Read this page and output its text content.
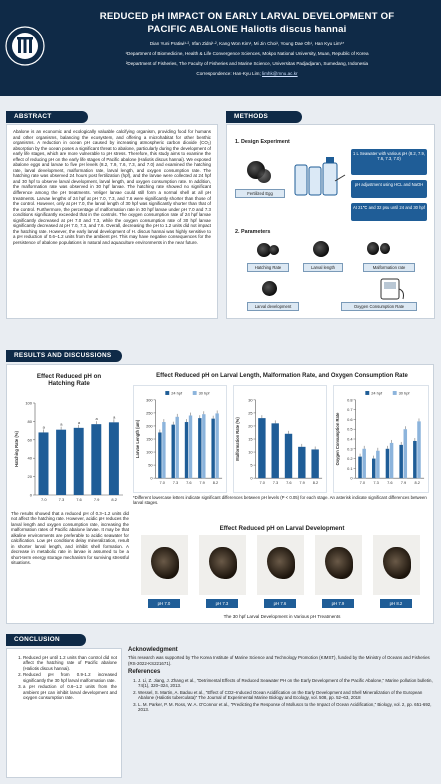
REDUCED pH IMPACT ON EARLY LARVAL DEVELOPMENT OF
PACIFIC ABALONE Haliotis discus hannai
Dian Yuni Pratiwi¹·², Irfan Zidni¹·², Kang Won Kim¹, Mi Jin Choi¹, Young Dae Oh¹, Han Kyu Lim¹*
¹Department of Biomedicine, Health & Life Convergence Sciences, Mokpo National University, Muan, Republic of Korea
²Department of Fisheries, The Faculty of Fisheries and Marine Science, Universitas Padjadjaran, Sumedang, Indonesia
Correspondence: Han-Kyu Lim; limhk@mnu.ac.kr
ABSTRACT
Abalone is an economic and ecologically valuable calcifying organism, providing food for humans and other organisms, balancing the ecosystem, and offering a microhabitat for other benthic organisms. A reduction in ocean pH caused by increasing atmospheric carbon dioxide (CO₂) absorption by the ocean poses a significant threat to abalone, particularly during the development of early life stages, which are more vulnerable to pH stress. Therefore, this study aims to examine the effect of reducing pH on the early life stages of Pacific abalone (Haliotis discus hannai). We exposed abalone eggs and larvae to five pH levels (8.2, 7.9, 7.6, 7.3, and 7.0) and examined the hatching rate, larval development, malformation rate, larval length, and oxygen consumption rate. The hatching rate was observed 24 hours post fertilization (hpf), and the larvae were collected at 24 hpf and 30 hpf to observe larval development, larval length, and oxygen consumption rate. In addition, the malformation rate was observed in 30 hpf larvae. The hatching rate showed no significant difference among the pH treatments. Veliger larvae could still form a normal shell at all pH treatments. Larvae lengths of 24 hpf at pH 7.0, 7.3, and 7.6 were significantly shorter than those of the control. However, only at pH 7.0, the larval length of 30 hpf was significantly shorter than that of the control. Furthermore, the percentage of malformation rate in 30 hpf larvae under pH 7.0 and 7.3 conditions significantly exceeded that in the controls. The oxygen consumption rate of 24 hpf larvae significantly decreased at pH 7.0 and 7.3, while the oxygen consumption rate of 30 hpf larvae significantly decreased at pH 7.0, 7.3, and 7.6. Overall, decreasing the pH to 1.2 units did not impact the hatching rate. However, the early larval development of H. discus hannai was highly sensitive to a pH reduction of 0.6–1.2 units from the ambient pH. This may have negative consequences for the persistence of abalone populations in natural and aquaculture environments in the near future.
METHODS
1. Design Experiment
Fertilized Egg
1 L Seawater with various pH (8.2, 7.9, 7.6, 7.3, 7.0)
pH adjustment using HCL and NaOH
At 21℃ and 32 psu until 24 and 30 hpf
2. Parameters
Hatching Rate	Larval length	Malformation rate
Larval development	Oxygen Consumption Rate
RESULTS AND DISCUSSIONS
Effect Reduced pH on
Hatching Rate
0
20
40
60
80
100
Hatching Rate (%)
7.0
a
7.3
a
7.6
a
7.9
a
8.2
a
The results showed that a reduced pH of 0.3–1.2 units did not affect the hatching rate. However, acidic pH reduces the larval length and oxygen consumption rate, increasing the malformation rates of Pacific abalone larvae. It may be that alkaline environments are preferable to acidic seawater for calcification. Low pH conditions delay mineralization, result in shorter larval length, and inhibit shell formation. A decrease in metabolic rate in larvae is assumed to be a short-term energy storage mechanism for surviving stressful situations.
Effect Reduced pH on Larval Length, Malformation Rate, and Oxygen Consumption Rate
0
50
100
150
200
250
300
Larvae Length (um)
7.0 7.3 7.6 7.9 8.2
24 hpf	30 hpf
0
5
10
15
20
25
30
Malformation Rate (%)
7.0 7.3 7.6 7.9 8.2
0
0.1
0.2
0.3
0.4
0.5
0.6
0.7
0.8
Oxygen Consumption Rate
7.0 7.3 7.6 7.9 8.2
24 hpf	30 hpf
*Different lowercase letters indicate significant differences between pH levels (P < 0.05) for each stage. An asterisk indicate significant differences between larval stages.
Effect Reduced pH on Larval Development
pH 7.0	pH 7.3	pH 7.6	pH 7.9	pH 8.2
The 30 hpf Larval Development in Various pH Treatments
CONCLUSION
1. Reduced pH until 1.2 units than control did not affect the hatching rate of Pacific abalone (Haliotis discus hannai).
2. Reduced pH from 0.9-1.2 increased significantly the 30 hpf larval malformation rate.
3. a pH reduction of 0.6–1.2 units from the ambient pH can inhibit larval development and oxygen consumption rate.
Acknowledgment
This research was supported by The Korea Institute of Marine Science and Technology Promotion (KIMST), funded by the Ministry of Oceans and Fisheries (RS-2022-KS221671).
References
1. J. Li, Z. Jiang, J. Zhang et al., "Detrimental Effects of Reduced Seawater PH on the Early Development of the Pacific Abalone," Marine pollution bulletin, 74(1), 320–324, 2013.
2. Wessel, S. Martin, A. Badou et al., "Effect of CO2–Induced Ocean Acidification on the Early Development and Shell Mineralization of the European Abalone (Haliotis tuberculata)" The Journal of Experimental Marine Biology and Ecology, vol. 508, pp. 52–63, 2018
3. L. M. Parker, P. M. Ross, W. A. O'Connor et al., "Predicting the Response of Molluscs to the Impact of Ocean Acidification," Biology, vol. 2, pp. 651-692, 2013.
